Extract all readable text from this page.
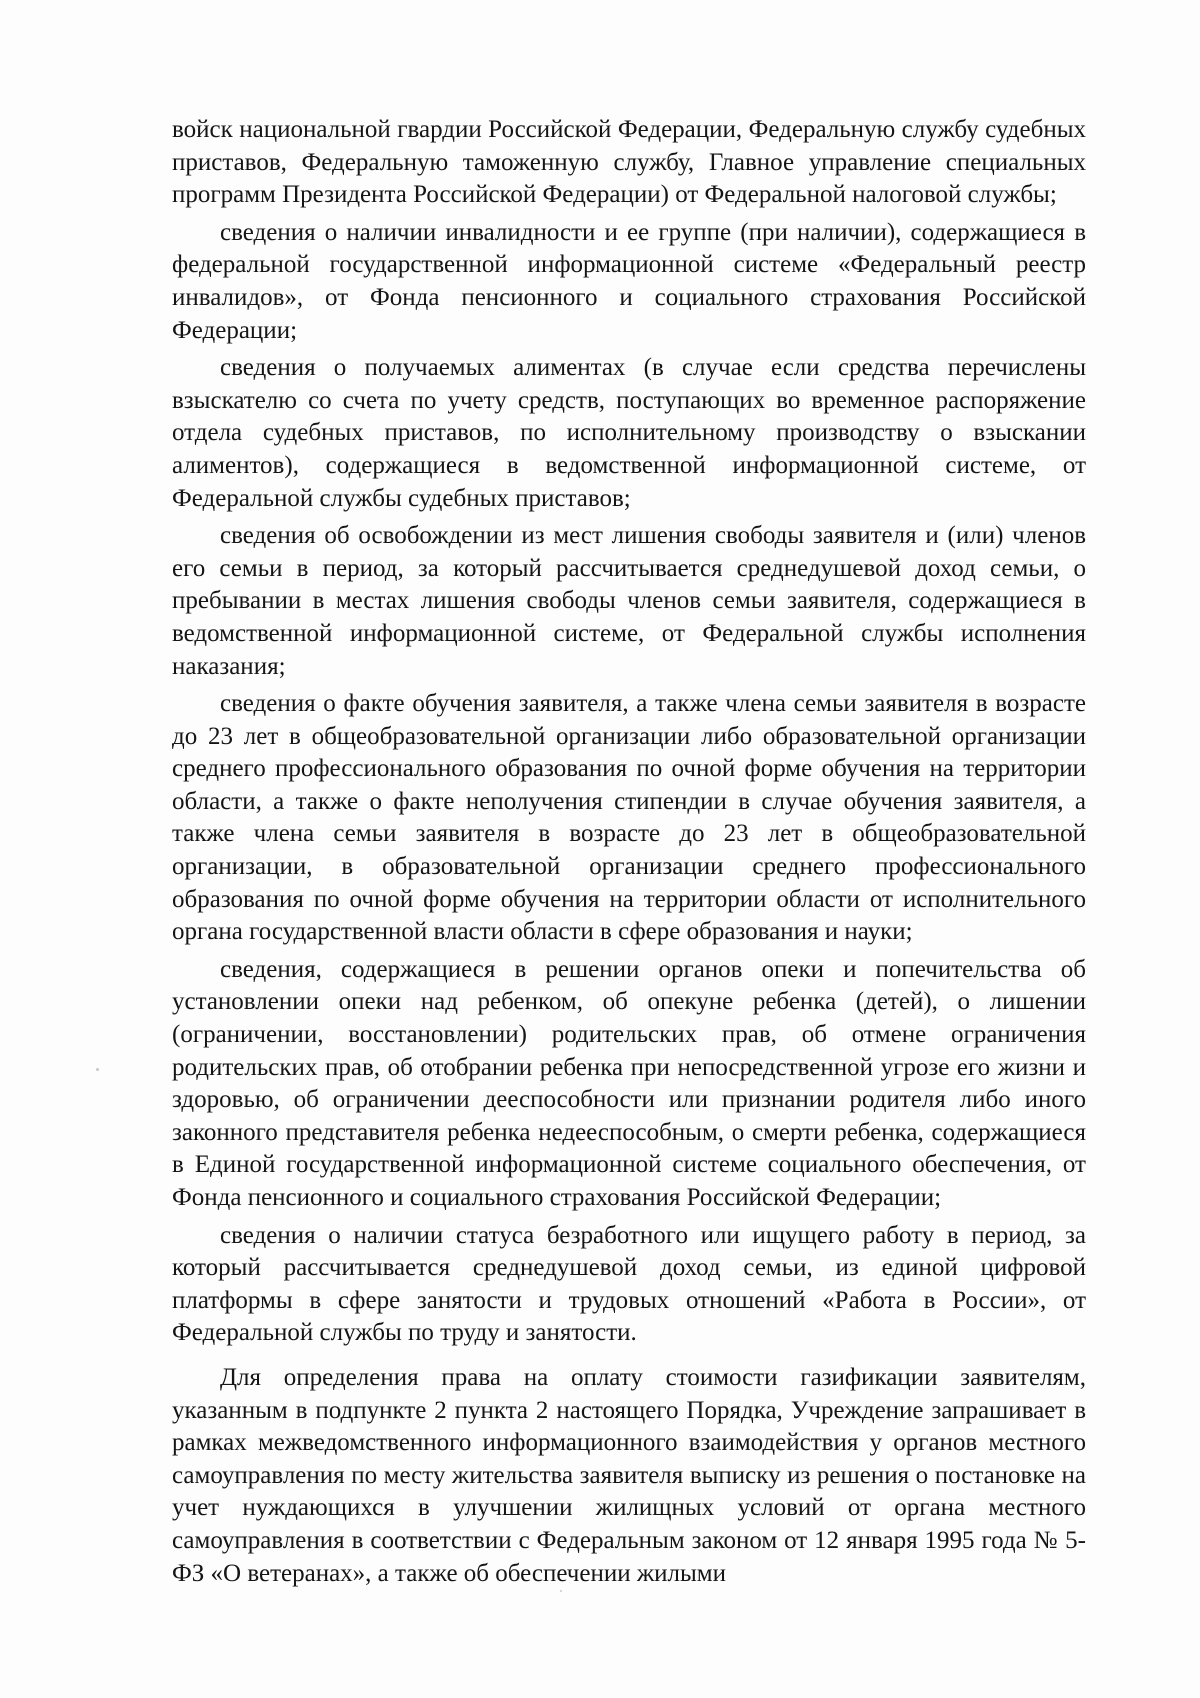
войск национальной гвардии Российской Федерации, Федеральную службу судебных приставов, Федеральную таможенную службу, Главное управление специальных программ Президента Российской Федерации) от Федеральной налоговой службы;

сведения о наличии инвалидности и ее группе (при наличии), содержащиеся в федеральной государственной информационной системе «Федеральный реестр инвалидов», от Фонда пенсионного и социального страхования Российской Федерации;

сведения о получаемых алиментах (в случае если средства перечислены взыскателю со счета по учету средств, поступающих во временное распоряжение отдела судебных приставов, по исполнительному производству о взыскании алиментов), содержащиеся в ведомственной информационной системе, от Федеральной службы судебных приставов;

сведения об освобождении из мест лишения свободы заявителя и (или) членов его семьи в период, за который рассчитывается среднедушевой доход семьи, о пребывании в местах лишения свободы членов семьи заявителя, содержащиеся в ведомственной информационной системе, от Федеральной службы исполнения наказания;

сведения о факте обучения заявителя, а также члена семьи заявителя в возрасте до 23 лет в общеобразовательной организации либо образовательной организации среднего профессионального образования по очной форме обучения на территории области, а также о факте неполучения стипендии в случае обучения заявителя, а также члена семьи заявителя в возрасте до 23 лет в общеобразовательной организации, в образовательной организации среднего профессионального образования по очной форме обучения на территории области от исполнительного органа государственной власти области в сфере образования и науки;

сведения, содержащиеся в решении органов опеки и попечительства об установлении опеки над ребенком, об опекуне ребенка (детей), о лишении (ограничении, восстановлении) родительских прав, об отмене ограничения родительских прав, об отобрании ребенка при непосредственной угрозе его жизни и здоровью, об ограничении дееспособности или признании родителя либо иного законного представителя ребенка недееспособным, о смерти ребенка, содержащиеся в Единой государственной информационной системе социального обеспечения, от Фонда пенсионного и социального страхования Российской Федерации;

сведения о наличии статуса безработного или ищущего работу в период, за который рассчитывается среднедушевой доход семьи, из единой цифровой платформы в сфере занятости и трудовых отношений «Работа в России», от Федеральной службы по труду и занятости.

Для определения права на оплату стоимости газификации заявителям, указанным в подпункте 2 пункта 2 настоящего Порядка, Учреждение запрашивает в рамках межведомственного информационного взаимодействия у органов местного самоуправления по месту жительства заявителя выписку из решения о постановке на учет нуждающихся в улучшении жилищных условий от органа местного самоуправления в соответствии с Федеральным законом от 12 января 1995 года № 5-ФЗ «О ветеранах», а также об обеспечении жилыми
